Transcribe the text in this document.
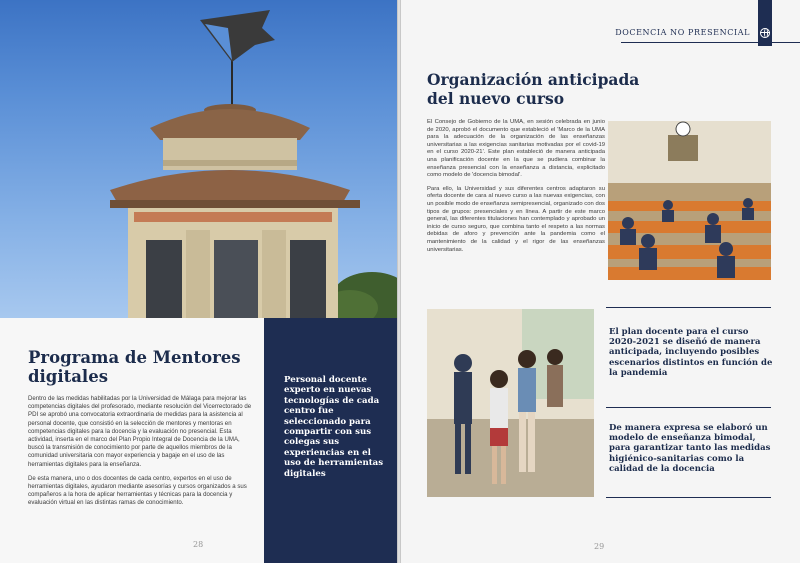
Programa de Mentores digitales

Dentro de las medidas habilitadas por la Universidad de Málaga para mejorar las competencias digitales del profesorado, mediante resolución del Vicerrectorado de PDI se aprobó una convocatoria extraordinaria de medidas para la asistencia al personal docente, que consistió en la selección de mentores y mentoras en competencias digitales para la docencia y la evaluación no presencial. Esta actividad, inserta en el marco del Plan Propio Integral de Docencia de la UMA, buscó la transmisión de conocimiento por parte de aquellos miembros de la comunidad universitaria con mayor experiencia y bagaje en el uso de las herramientas digitales para la enseñanza.

De esta manera, uno o dos docentes de cada centro, expertos en el uso de herramientas digitales, ayudaron mediante asesorías y cursos organizados a sus compañeros a la hora de aplicar herramientas y técnicas para la docencia y evaluación virtual en las distintas ramas de conocimiento.

28
Personal docente experto en nuevas tecnologías de cada centro fue seleccionado para compartir con sus colegas sus experiencias en el uso de herramientas digitales
DOCENCIA NO PRESENCIAL
Organización anticipada del nuevo curso

El Consejo de Gobierno de la UMA, en sesión celebrada en junio de 2020, aprobó el documento que estableció el 'Marco de la UMA para la adecuación de la organización de las enseñanzas universitarias a las exigencias sanitarias motivadas por el covid-19 en el curso 2020-21'. Este plan estableció de manera anticipada una planificación docente en la que se pudiera combinar la enseñanza presencial con la enseñanza a distancia, explicitado como modelo de 'docencia bimodal'.

Para ello, la Universidad y sus diferentes centros adaptaron su oferta docente de cara al nuevo curso a las nuevas exigencias, con un posible modo de enseñanza semipresencial, organizado con dos tipos de grupos: presenciales y en línea. A partir de este marco general, las diferentes titulaciones han contemplado y aprobado un inicio de curso seguro, que combina tanto el respeto a las normas debidas de aforo y prevención ante la pandemia como el mantenimiento de la calidad y el rigor de las enseñanzas universitarias.

El plan docente para el curso 2020-2021 se diseñó de manera anticipada, incluyendo posibles escenarios distintos en función de la pandemia
De manera expresa se elaboró un modelo de enseñanza bimodal, para garantizar tanto las medidas higiénico-sanitarias como la calidad de la docencia
29
